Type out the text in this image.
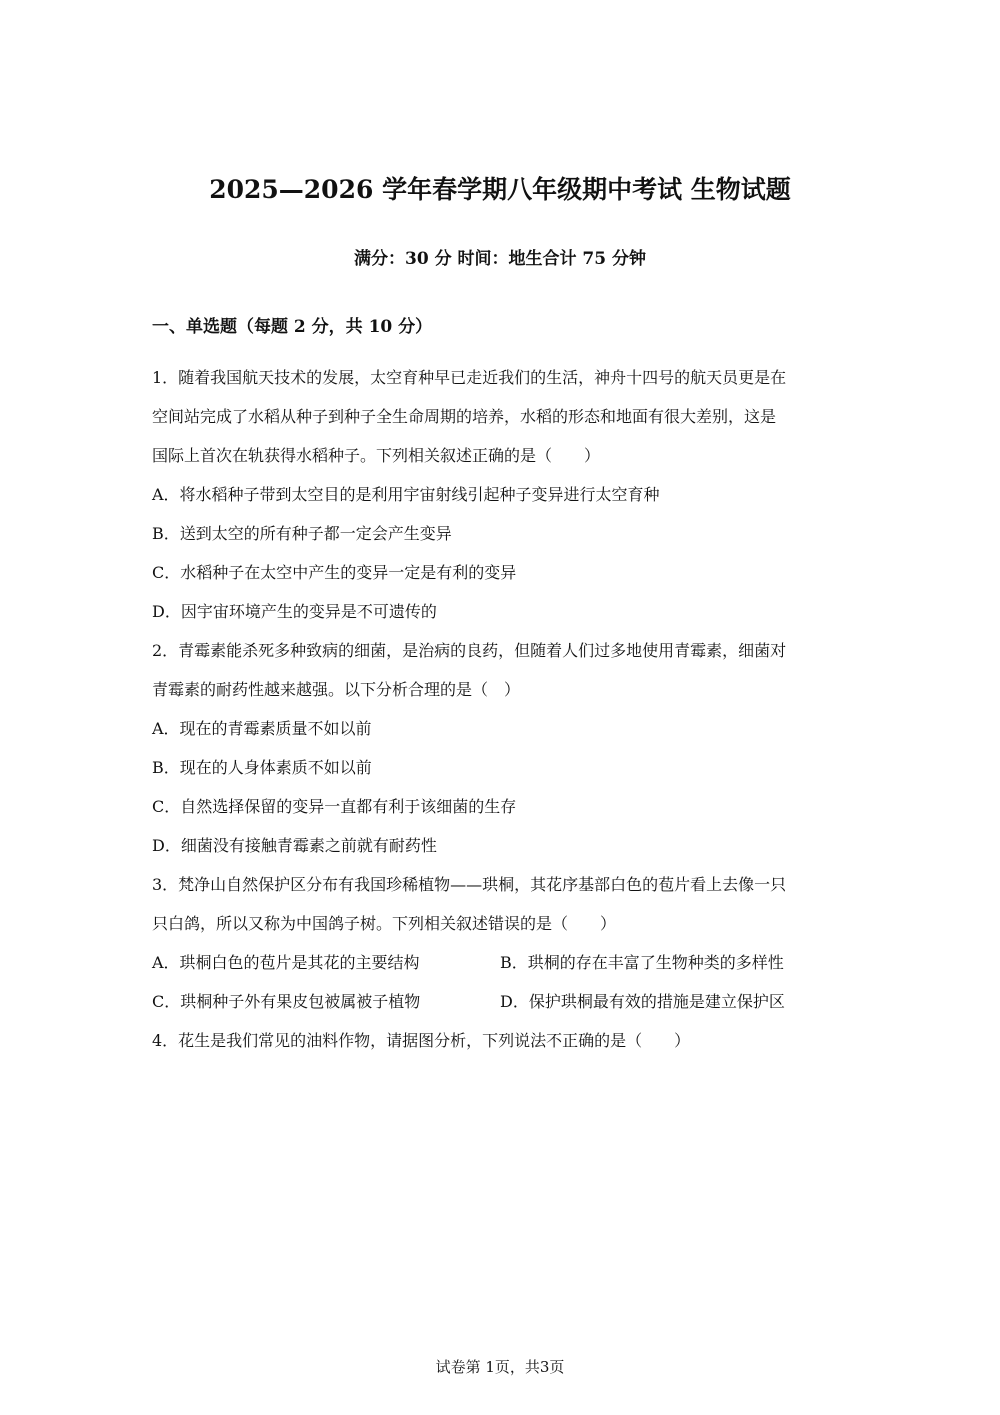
2025—2026 学年春学期八年级期中考试 生物试题
满分：30 分 时间：地生合计 75 分钟
一、单选题（每题 2 分，共 10 分）
1．随着我国航天技术的发展，太空育种早已走近我们的生活，神舟十四号的航天员更是在
空间站完成了水稻从种子到种子全生命周期的培养，水稻的形态和地面有很大差别，这是
国际上首次在轨获得水稻种子。下列相关叙述正确的是（　　）
A．将水稻种子带到太空目的是利用宇宙射线引起种子变异进行太空育种
B．送到太空的所有种子都一定会产生变异
C．水稻种子在太空中产生的变异一定是有利的变异
D．因宇宙环境产生的变异是不可遗传的
2．青霉素能杀死多种致病的细菌，是治病的良药，但随着人们过多地使用青霉素，细菌对
青霉素的耐药性越来越强。以下分析合理的是（　）
A．现在的青霉素质量不如以前
B．现在的人身体素质不如以前
C．自然选择保留的变异一直都有利于该细菌的生存
D．细菌没有接触青霉素之前就有耐药性
3．梵净山自然保护区分布有我国珍稀植物——珙桐，其花序基部白色的苞片看上去像一只
只白鸽，所以又称为中国鸽子树。下列相关叙述错误的是（　　）
A．珙桐白色的苞片是其花的主要结构	B．珙桐的存在丰富了生物种类的多样性
C．珙桐种子外有果皮包被属被子植物	D．保护珙桐最有效的措施是建立保护区
4．花生是我们常见的油料作物，请据图分析，下列说法不正确的是（　　）
试卷第 1页，共3页
